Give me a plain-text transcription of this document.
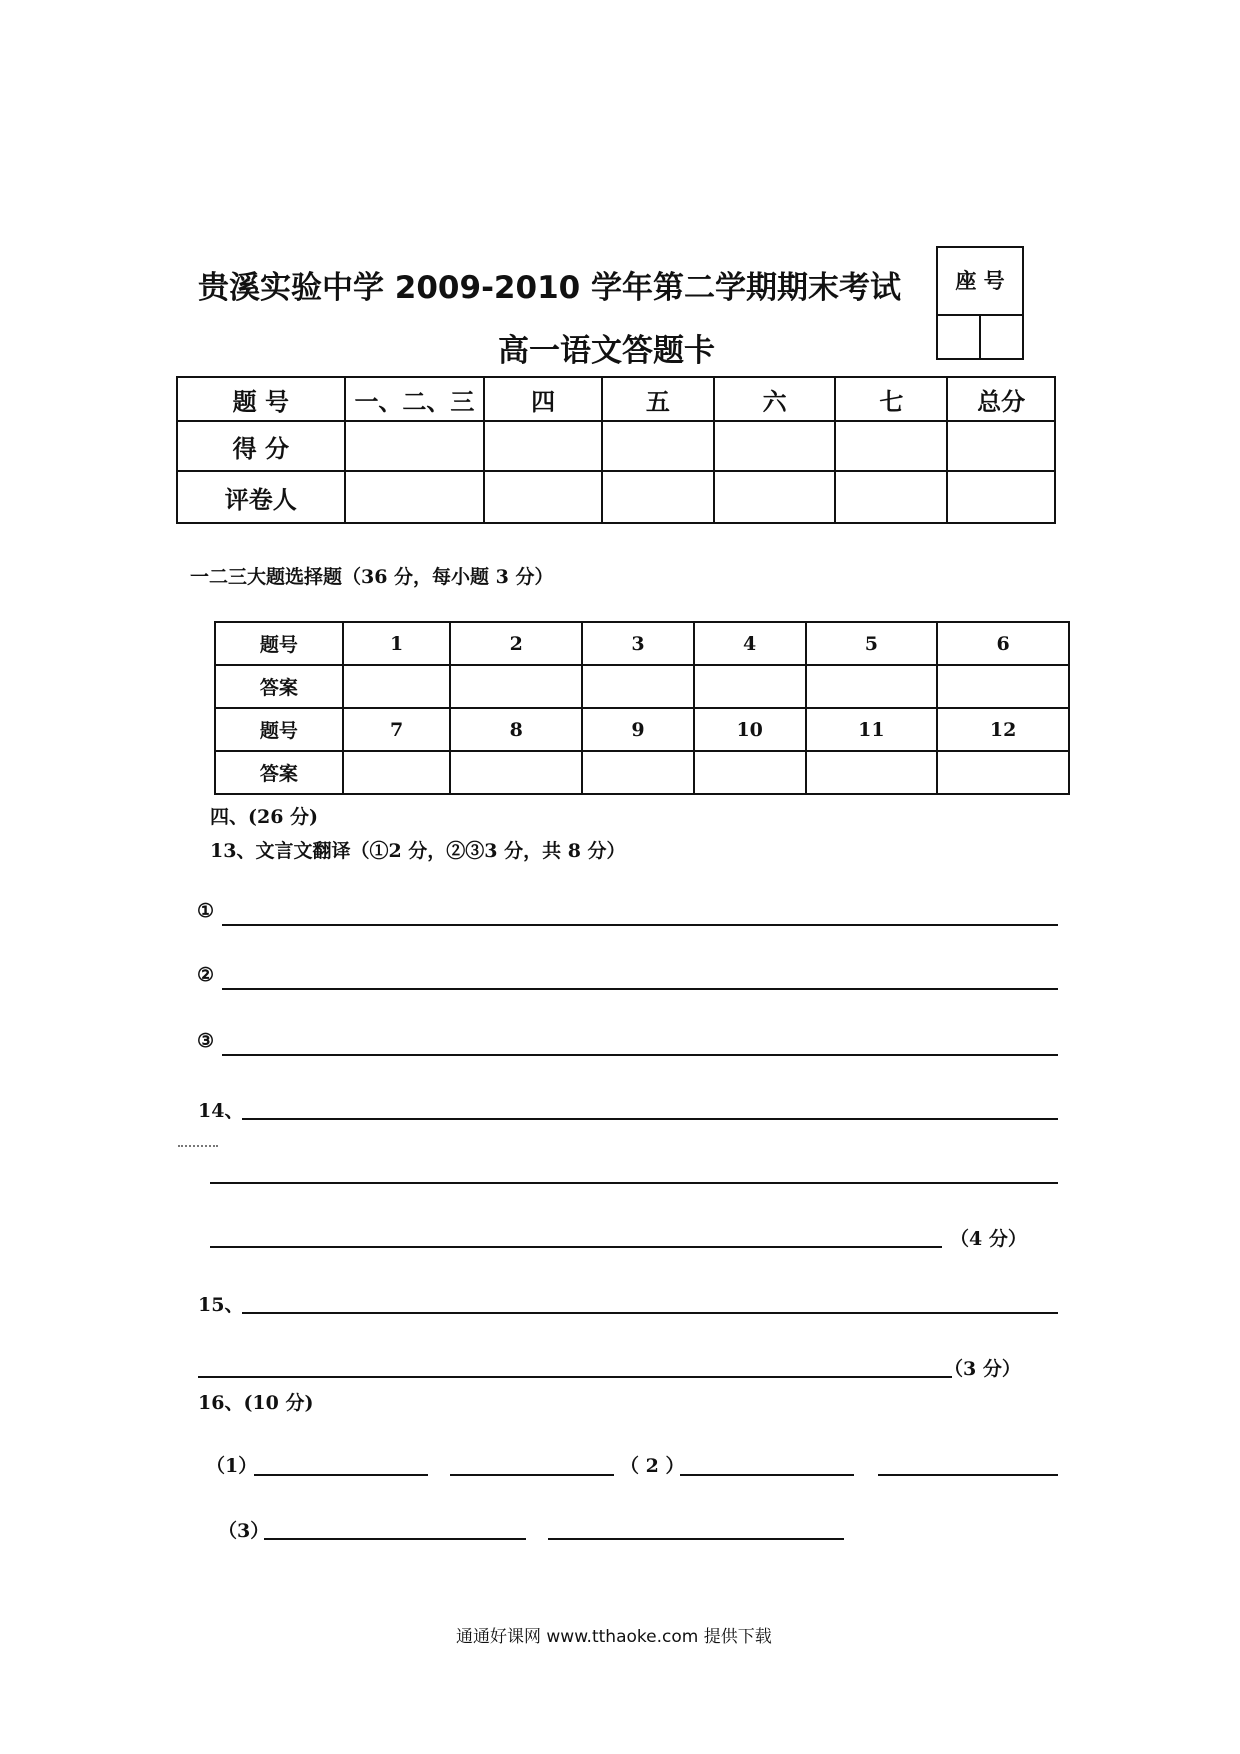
贵溪实验中学 2009-2010 学年第二学期期末考试
高一语文答题卡
座 号
题 号	一、二、三	四	五	六	七	总分
得 分						
评卷人						
一二三大题选择题（36 分，每小题 3 分）
题号	1	2	3	4	5	6
答案						
题号	7	8	9	10	11	12
答案						
四、(26 分)
13、文言文翻译（①2 分，②③3 分，共 8 分）
①
②
③
14、
（4 分）
15、
（3 分）
16、(10 分)
（1）	（ 2 ）
（3）
通通好课网 www.tthaoke.com 提供下载
